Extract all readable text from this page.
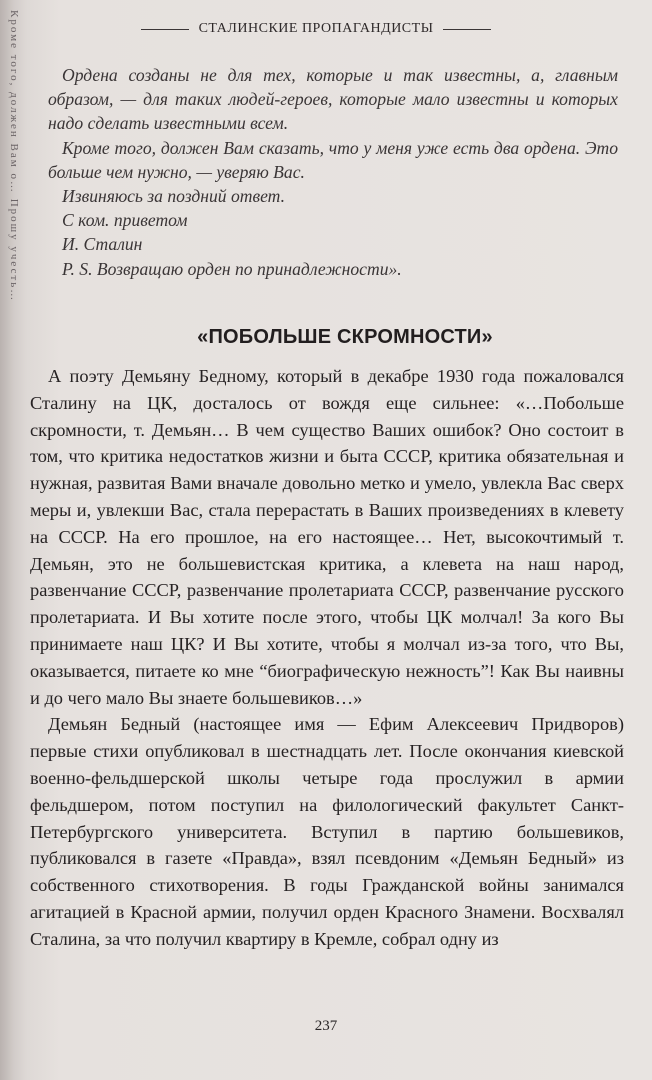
Кроме того, должен Вам о… Прошу учесть…	СТАЛИНСКИЕ ПРОПАГАНДИСТЫ

Ордена созданы не для тех, которые и так известны, а, главным образом, — для таких людей-героев, которые мало известны и которых надо сделать известными всем.

Кроме того, должен Вам сказать, что у меня уже есть два ордена. Это больше чем нужно, — уверяю Вас.

Извиняюсь за поздний ответ.

С ком. приветом

И. Сталин

P. S. Возвращаю орден по принадлежности».

«ПОБОЛЬШЕ СКРОМНОСТИ»

А поэту Демьяну Бедному, который в декабре 1930 года пожаловался Сталину на ЦК, досталось от вождя еще сильнее: «…Побольше скромности, т. Демьян… В чем существо Ваших ошибок? Оно состоит в том, что критика недостатков жизни и быта СССР, критика обязательная и нужная, развитая Вами вначале довольно метко и умело, увлекла Вас сверх меры и, увлекши Вас, стала перерастать в Ваших произведениях в клевету на СССР. На его прошлое, на его настоящее… Нет, высокочтимый т. Демьян, это не большевистская критика, а клевета на наш народ, развенчание СССР, развенчание пролетариата СССР, развенчание русского пролетариата. И Вы хотите после этого, чтобы ЦК молчал! За кого Вы принимаете наш ЦК? И Вы хотите, чтобы я молчал из-за того, что Вы, оказывается, питаете ко мне “биографическую нежность”! Как Вы наивны и до чего мало Вы знаете большевиков…»

Демьян Бедный (настоящее имя — Ефим Алексеевич Придворов) первые стихи опубликовал в шестнадцать лет. После окончания киевской военно-фельдшерской школы четыре года прослужил в армии фельдшером, потом поступил на филологический факультет Санкт-Петербургского университета. Вступил в партию большевиков, публиковался в газете «Правда», взял псевдоним «Демьян Бедный» из собственного стихотворения. В годы Гражданской войны занимался агитацией в Красной армии, получил орден Красного Знамени. Восхвалял Сталина, за что получил квартиру в Кремле, собрал одну из

237
